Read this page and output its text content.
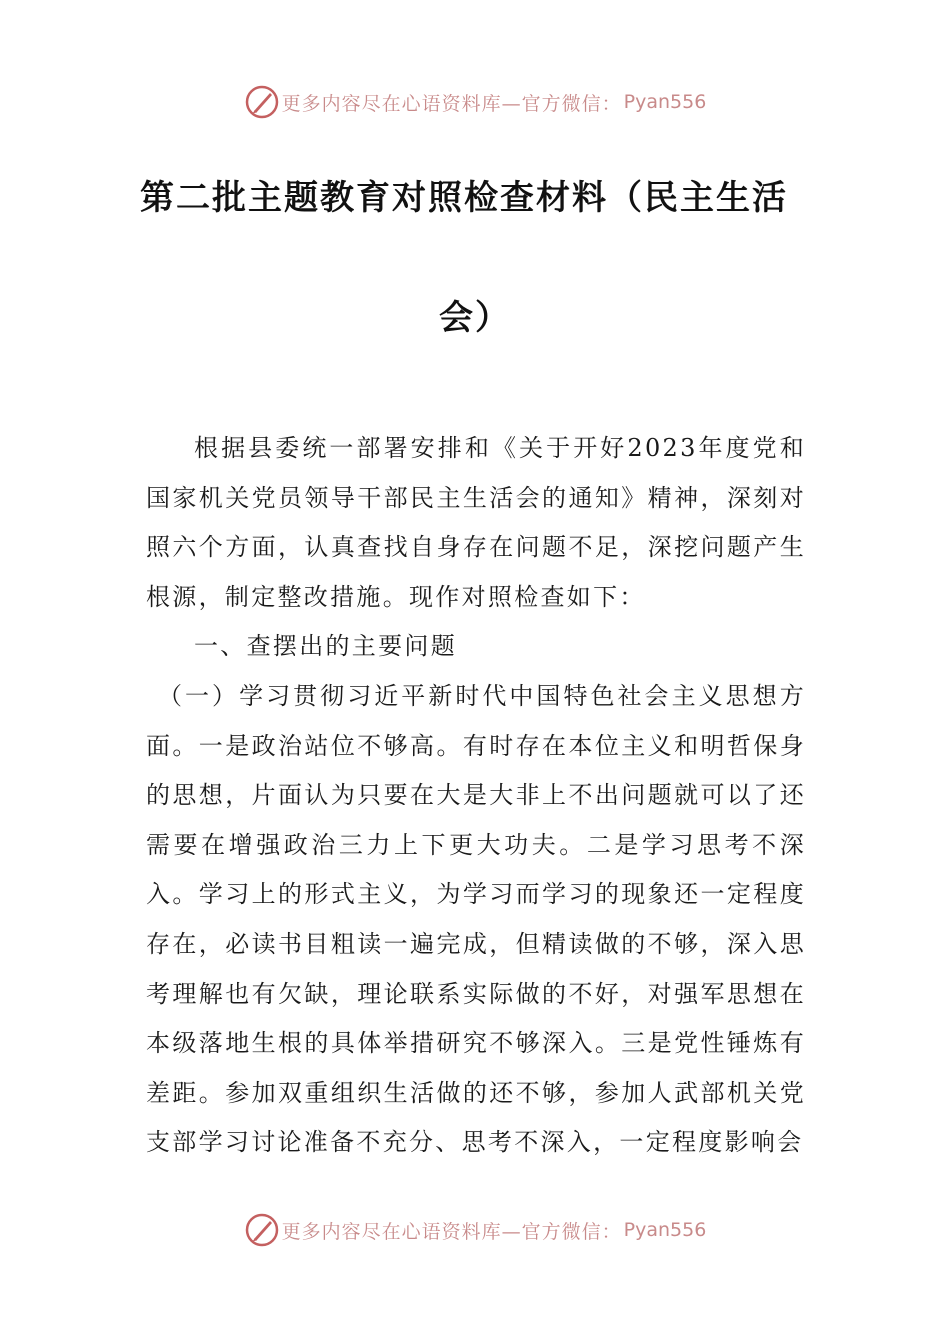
更多内容尽在心语资料库—官方微信： Pyan556
第二批主题教育对照检查材料（民主生活
会）

根据县委统一部署安排和《关于开好2023年度党和国家机关党员领导干部民主生活会的通知》精神，深刻对照六个方面，认真查找自身存在问题不足，深挖问题产生根源，制定整改措施。现作对照检查如下：

一、查摆出的主要问题

（一）学习贯彻习近平新时代中国特色社会主义思想方面。一是政治站位不够高。有时存在本位主义和明哲保身的思想，片面认为只要在大是大非上不出问题就可以了还需要在增强政治三力上下更大功夫。二是学习思考不深入。学习上的形式主义，为学习而学习的现象还一定程度存在，必读书目粗读一遍完成，但精读做的不够，深入思考理解也有欠缺，理论联系实际做的不好，对强军思想在本级落地生根的具体举措研究不够深入。三是党性锤炼有差距。参加双重组织生活做的还不够，参加人武部机关党支部学习讨论准备不充分、思考不深入，一定程度影响会

更多内容尽在心语资料库—官方微信： Pyan556
